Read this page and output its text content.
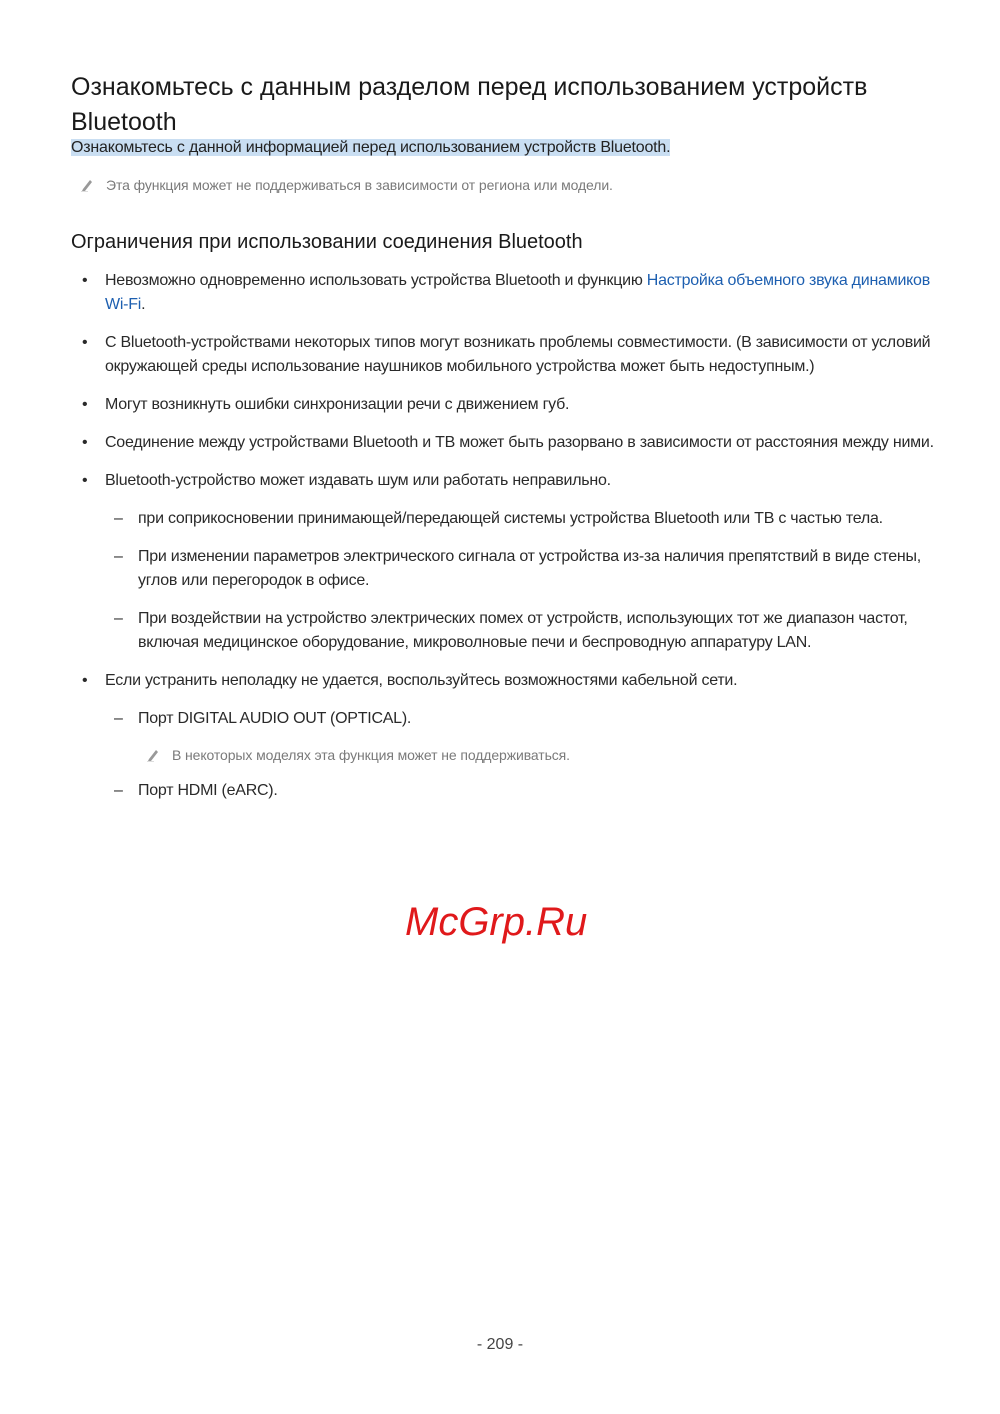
Ознакомьтесь с данным разделом перед использованием устройств Bluetooth
Ознакомьтесь с данной информацией перед использованием устройств Bluetooth.
Эта функция может не поддерживаться в зависимости от региона или модели.
Ограничения при использовании соединения Bluetooth
• Невозможно одновременно использовать устройства Bluetooth и функцию Настройка объемного звука динамиков Wi-Fi.
• С Bluetooth-устройствами некоторых типов могут возникать проблемы совместимости. (В зависимости от условий окружающей среды использование наушников мобильного устройства может быть недоступным.)
• Могут возникнуть ошибки синхронизации речи с движением губ.
• Соединение между устройствами Bluetooth и ТВ может быть разорвано в зависимости от расстояния между ними.
• Bluetooth-устройство может издавать шум или работать неправильно.
– при соприкосновении принимающей/передающей системы устройства Bluetooth или ТВ с частью тела.
– При изменении параметров электрического сигнала от устройства из-за наличия препятствий в виде стены, углов или перегородок в офисе.
– При воздействии на устройство электрических помех от устройств, использующих тот же диапазон частот, включая медицинское оборудование, микроволновые печи и беспроводную аппаратуру LAN.
• Если устранить неполадку не удается, воспользуйтесь возможностями кабельной сети.
– Порт DIGITAL AUDIO OUT (OPTICAL).
В некоторых моделях эта функция может не поддерживаться.
– Порт HDMI (eARC).
McGrp.Ru
- 209 -
